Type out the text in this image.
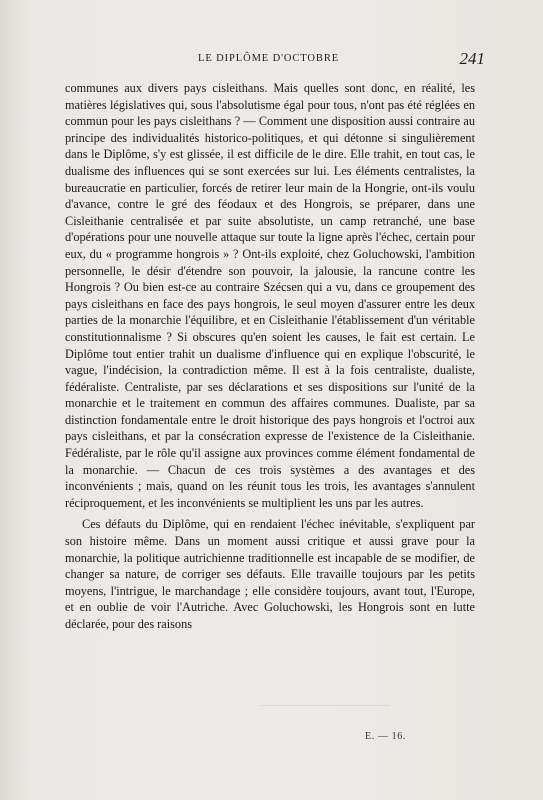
LE DIPLÔME D'OCTOBRE	241

communes aux divers pays cisleithans. Mais quelles sont donc, en réalité, les matières législatives qui, sous l'absolutisme égal pour tous, n'ont pas été réglées en commun pour les pays cisleithans ? — Comment une disposition aussi contraire au principe des individualités historico-politiques, et qui détonne si singulièrement dans le Diplôme, s'y est glissée, il est difficile de le dire. Elle trahit, en tout cas, le dualisme des influences qui se sont exercées sur lui. Les éléments centralistes, la bureaucratie en particulier, forcés de retirer leur main de la Hongrie, ont-ils voulu d'avance, contre le gré des féodaux et des Hongrois, se préparer, dans une Cisleithanie centralisée et par suite absolutiste, un camp retranché, une base d'opérations pour une nouvelle attaque sur toute la ligne après l'échec, certain pour eux, du « programme hongrois » ? Ont-ils exploité, chez Goluchowski, l'ambition personnelle, le désir d'étendre son pouvoir, la jalousie, la rancune contre les Hongrois ? Ou bien est-ce au contraire Szécsen qui a vu, dans ce groupement des pays cisleithans en face des pays hongrois, le seul moyen d'assurer entre les deux parties de la monarchie l'équilibre, et en Cisleithanie l'établissement d'un véritable constitutionnalisme ? Si obscures qu'en soient les causes, le fait est certain. Le Diplôme tout entier trahit un dualisme d'influence qui en explique l'obscurité, le vague, l'indécision, la contradiction même. Il est à la fois centraliste, dualiste, fédéraliste. Centraliste, par ses déclarations et ses dispositions sur l'unité de la monarchie et le traitement en commun des affaires communes. Dualiste, par sa distinction fondamentale entre le droit historique des pays hongrois et l'octroi aux pays cisleithans, et par la consécration expresse de l'existence de la Cisleithanie. Fédéraliste, par le rôle qu'il assigne aux provinces comme élément fondamental de la monarchie. — Chacun de ces trois systèmes a des avantages et des inconvénients ; mais, quand on les réunit tous les trois, les avantages s'annulent réciproquement, et les inconvénients se multiplient les uns par les autres.

Ces défauts du Diplôme, qui en rendaient l'échec inévitable, s'expliquent par son histoire même. Dans un moment aussi critique et aussi grave pour la monarchie, la politique autrichienne traditionnelle est incapable de se modifier, de changer sa nature, de corriger ses défauts. Elle travaille toujours par les petits moyens, l'intrigue, le marchandage ; elle considère toujours, avant tout, l'Europe, et en oublie de voir l'Autriche. Avec Goluchowski, les Hongrois sont en lutte déclarée, pour des raisons

E. — 16.
